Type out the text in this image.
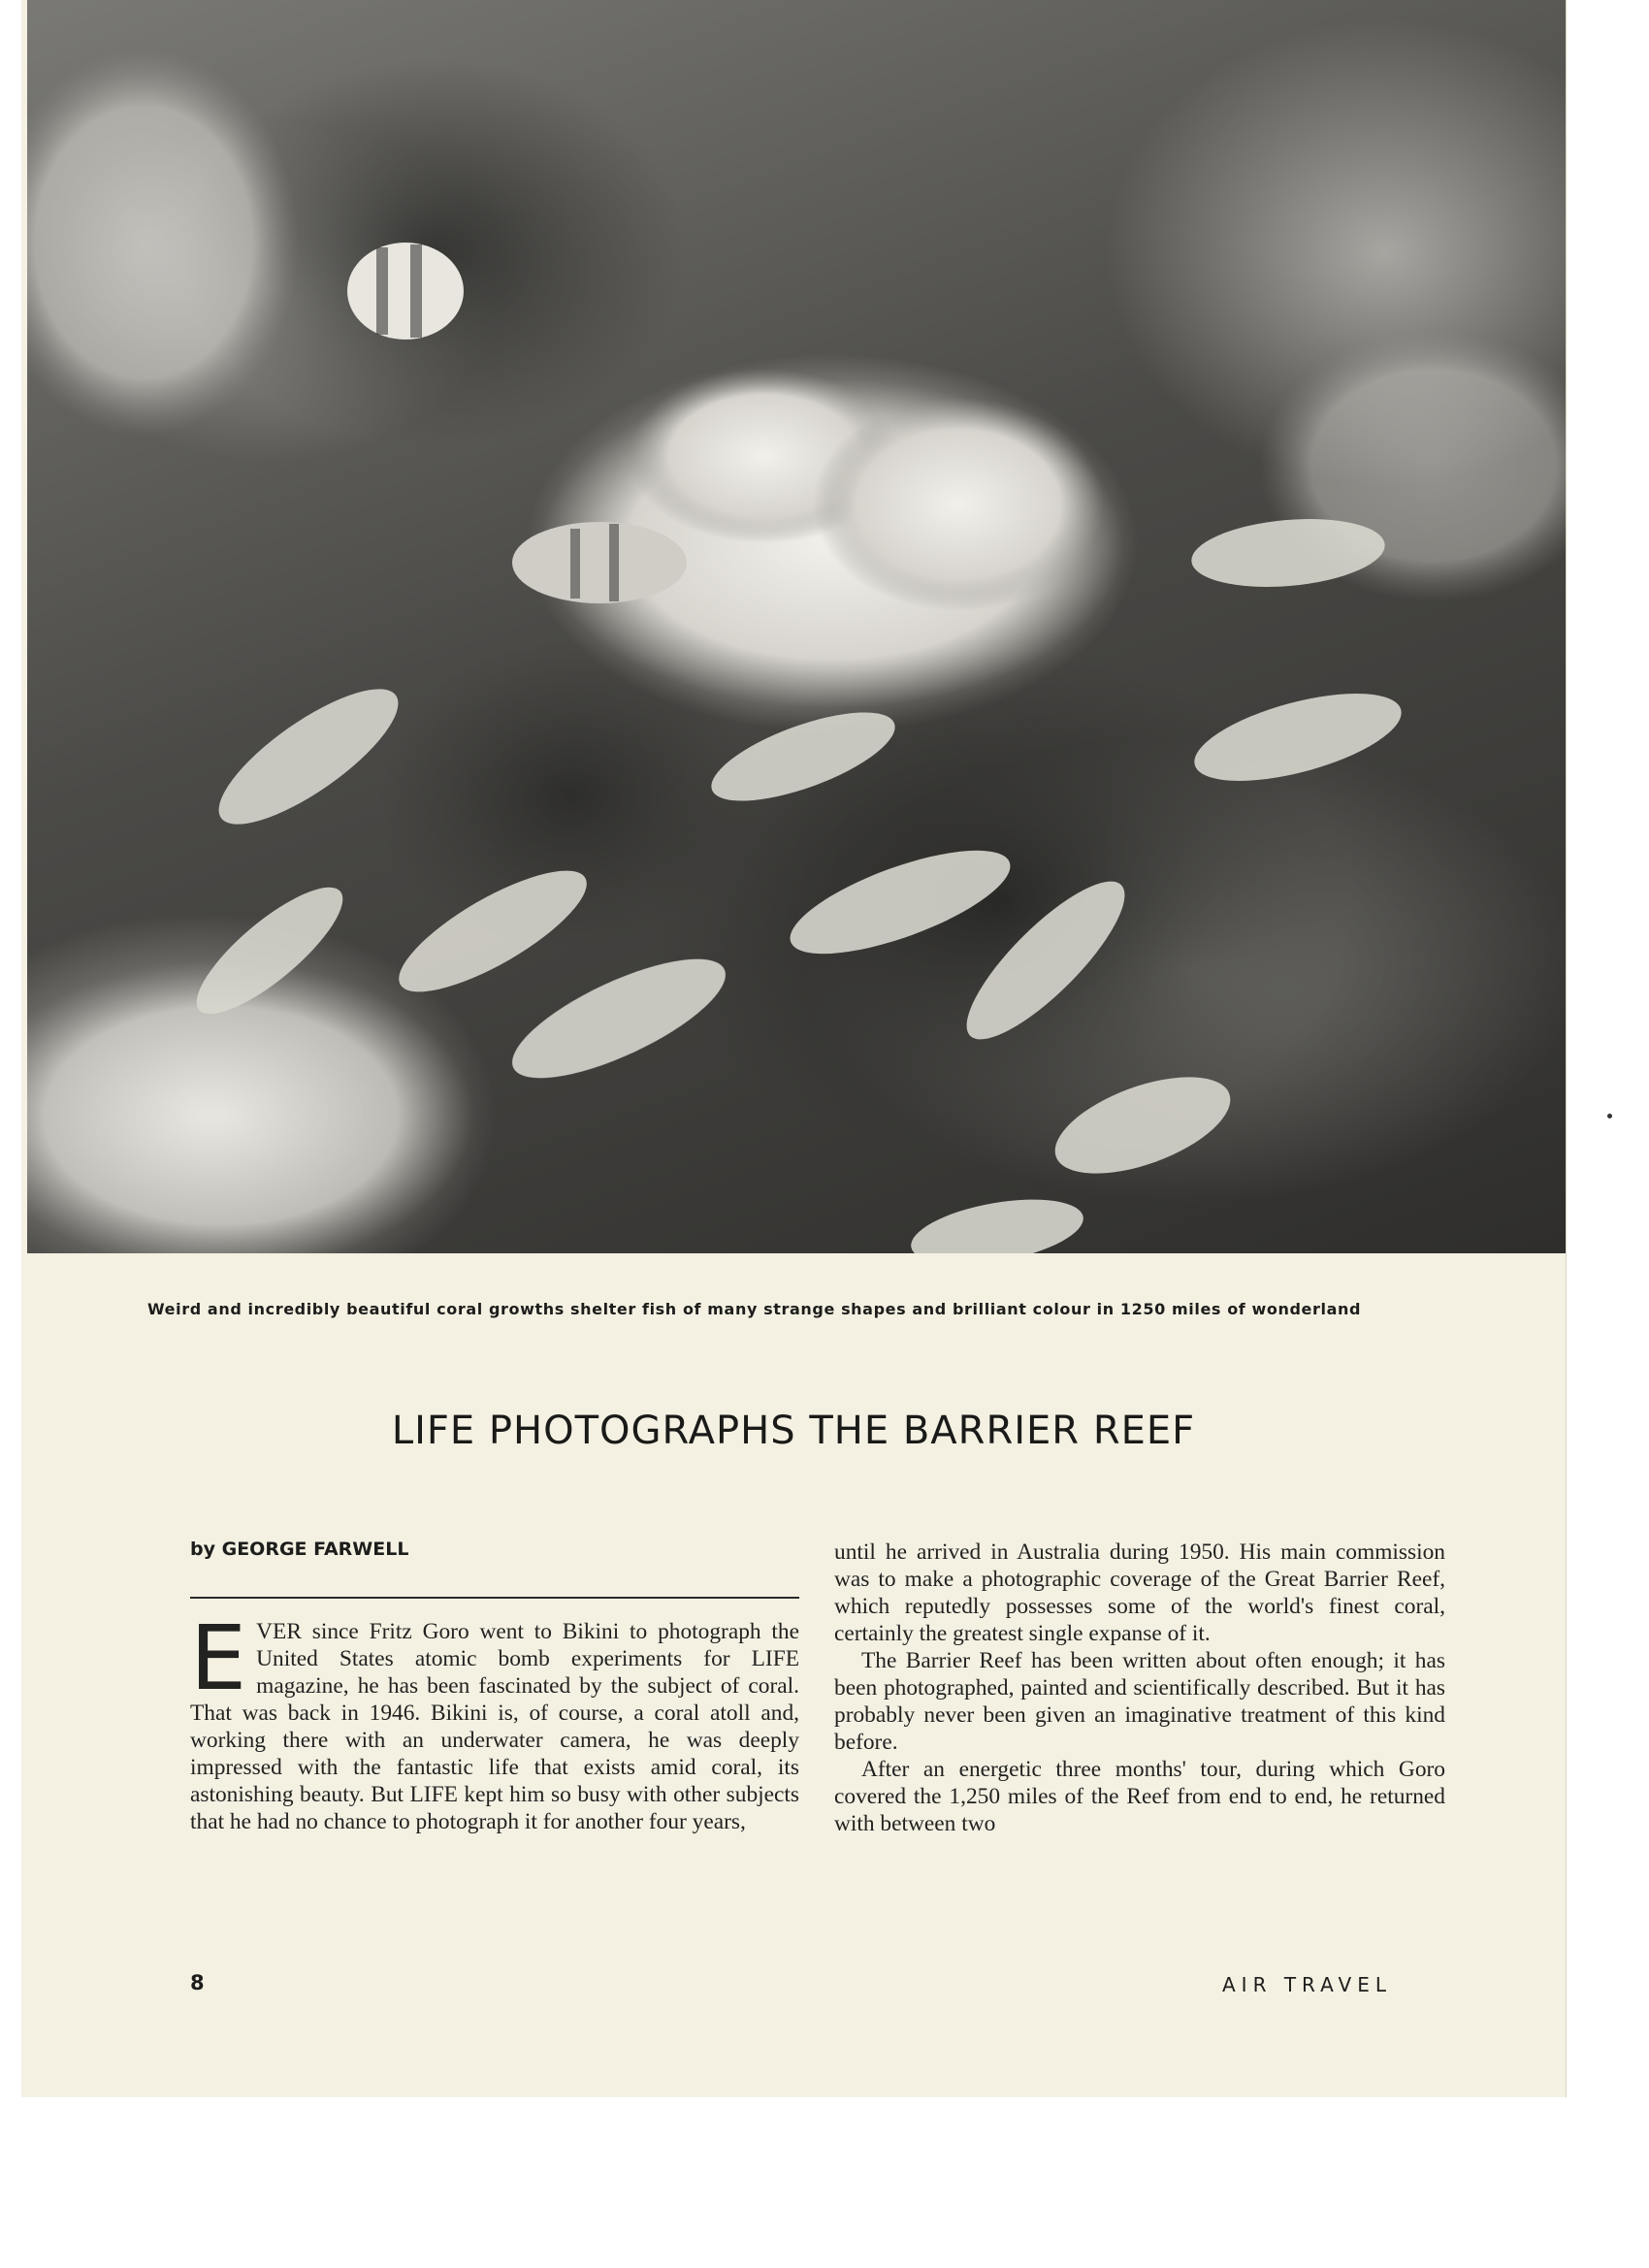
Weird and incredibly beautiful coral growths shelter fish of many strange shapes and brilliant colour in 1250 miles of wonderland
LIFE PHOTOGRAPHS THE BARRIER REEF
by GEORGE FARWELL

EVER since Fritz Goro went to Bikini to photograph the United States atomic bomb experiments for LIFE magazine, he has been fascinated by the subject of coral. That was back in 1946. Bikini is, of course, a coral atoll and, working there with an underwater camera, he was deeply impressed with the fantastic life that exists amid coral, its astonishing beauty. But LIFE kept him so busy with other subjects that he had no chance to photograph it for another four years,

until he arrived in Australia during 1950. His main commission was to make a photographic coverage of the Great Barrier Reef, which reputedly possesses some of the world's finest coral, certainly the greatest single expanse of it.

The Barrier Reef has been written about often enough; it has been photographed, painted and scientifically described. But it has probably never been given an imaginative treatment of this kind before.

After an energetic three months' tour, during which Goro covered the 1,250 miles of the Reef from end to end, he returned with between two

8	AIR TRAVEL
